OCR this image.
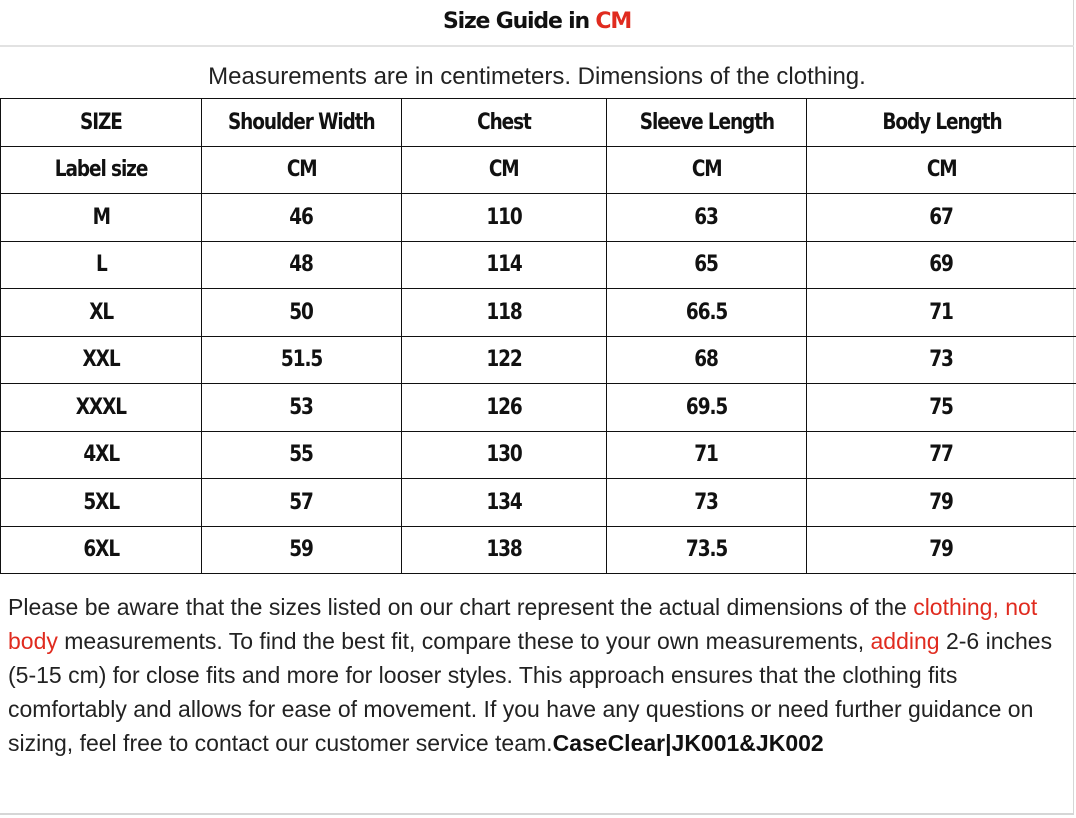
Size Guide in CM
Measurements are in centimeters. Dimensions of the clothing.
SIZE	Shoulder Width	Chest	Sleeve Length	Body Length
Label size	CM	CM	CM	CM
M	46	110	63	67
L	48	114	65	69
XL	50	118	66.5	71
XXL	51.5	122	68	73
XXXL	53	126	69.5	75
4XL	55	130	71	77
5XL	57	134	73	79
6XL	59	138	73.5	79
Please be aware that the sizes listed on our chart represent the actual dimensions of the clothing, not body measurements. To find the best fit, compare these to your own measurements, adding 2-6 inches (5-15 cm) for close fits and more for looser styles. This approach ensures that the clothing fits comfortably and allows for ease of movement. If you have any questions or need further guidance on sizing, feel free to contact our customer service team.CaseClear|JK001&JK002
